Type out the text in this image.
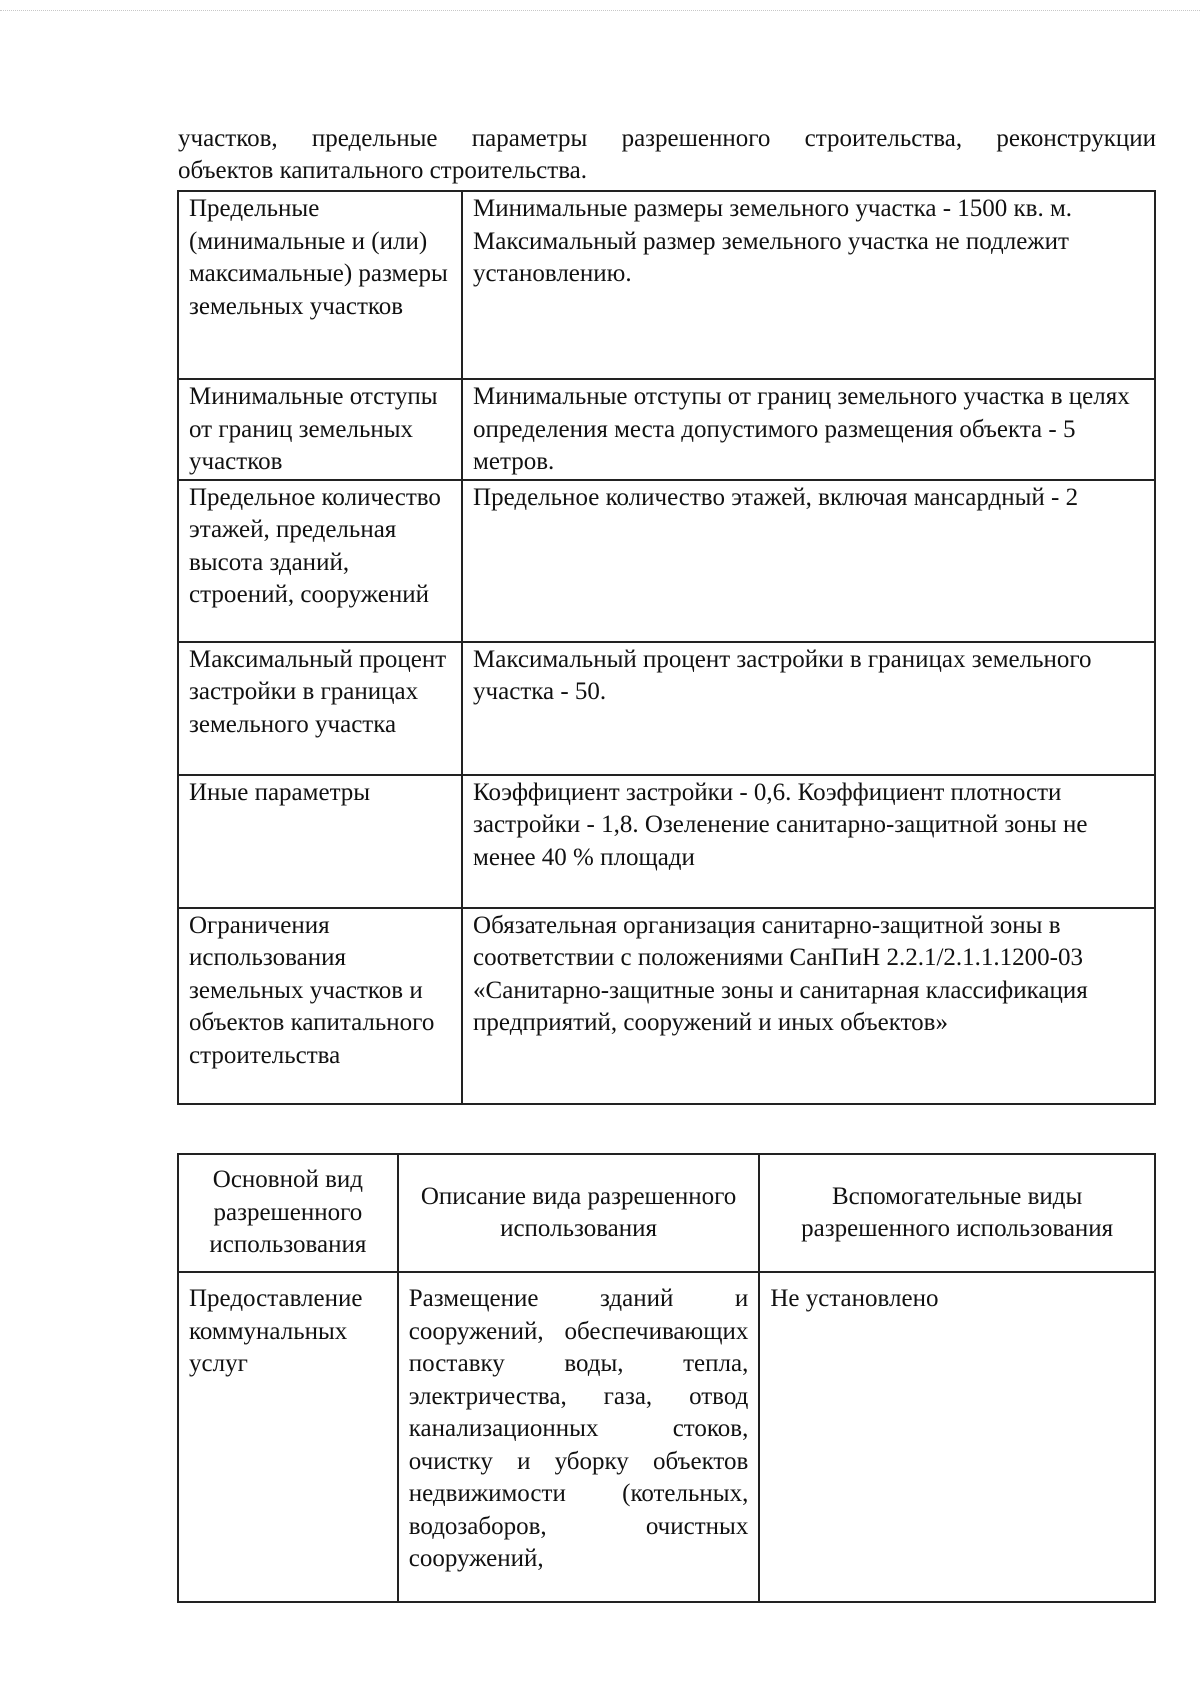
участков, предельные параметры разрешенного строительства, реконструкции
объектов капитального строительства.
Предельные (минимальные и (или) максимальные) размеры земельных участков	Минимальные размеры земельного участка - 1500 кв. м. Максимальный размер земельного участка не подлежит установлению.
Минимальные отступы от границ земельных участков	Минимальные отступы от границ земельного участка в целях определения места допустимого размещения объекта - 5 метров.
Предельное количество этажей, предельная высота зданий, строений, сооружений	Предельное количество этажей, включая мансардный - 2
Максимальный процент застройки в границах земельного участка	Максимальный процент застройки в границах земельного участка - 50.
Иные параметры	Коэффициент застройки - 0,6. Коэффициент плотности застройки - 1,8. Озеленение санитарно-защитной зоны не менее 40 % площади
Ограничения использования земельных участков и объектов капитального строительства	Обязательная организация санитарно-защитной зоны в соответствии с положениями СанПиН 2.2.1/2.1.1.1200-03 «Санитарно-защитные зоны и санитарная классификация предприятий, сооружений и иных объектов»
Основной вид разрешенного использования	Описание вида разрешенного использования	Вспомогательные виды разрешенного использования
Предоставление коммунальных услуг	Размещение зданий и сооружений, обеспечивающих поставку воды, тепла, электричества, газа, отвод канализационных стоков, очистку и уборку объектов недвижимости (котельных, водозаборов, очистных сооружений,	Не установлено
